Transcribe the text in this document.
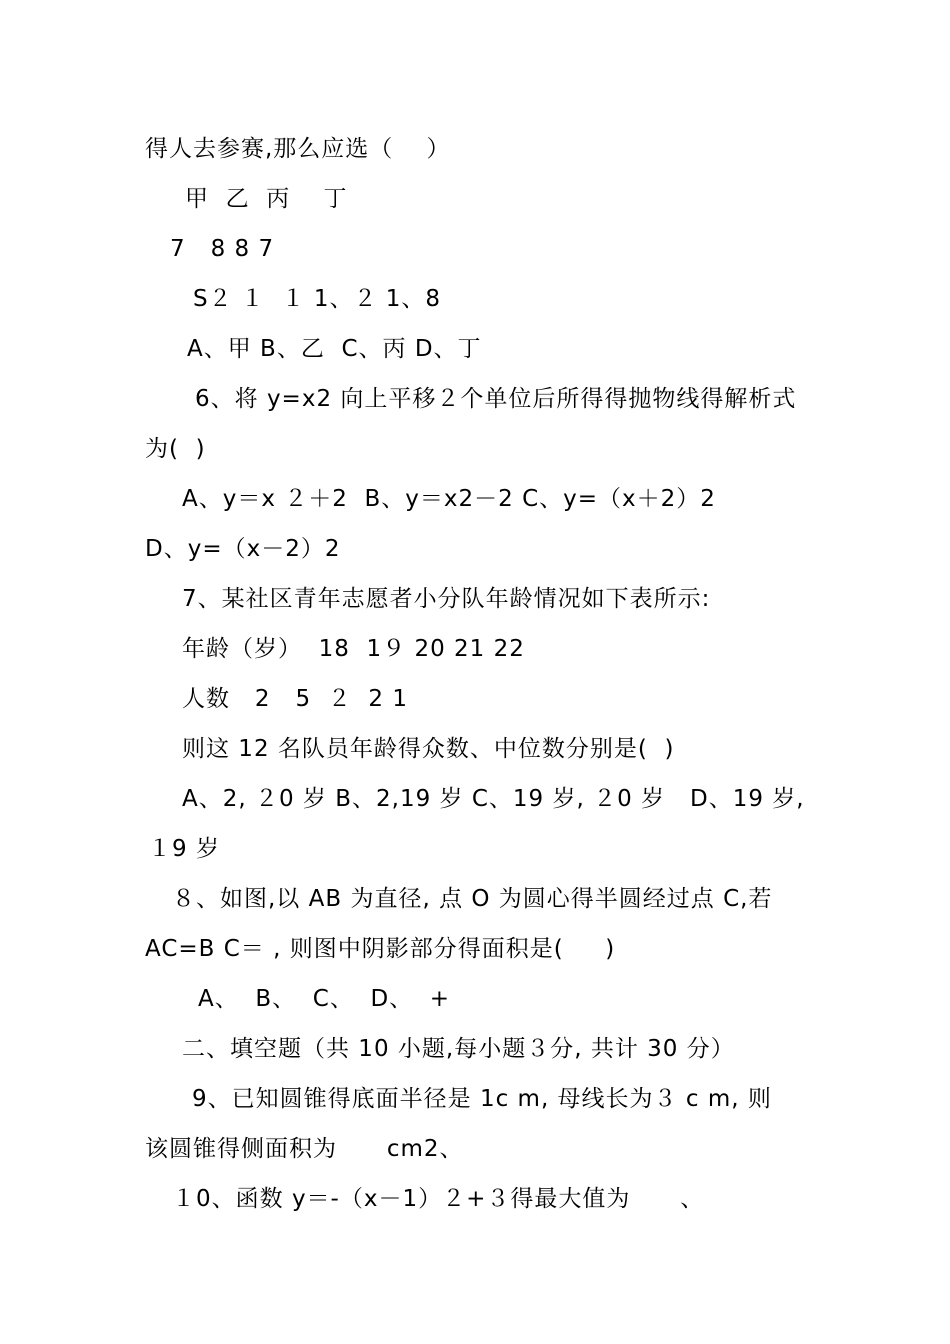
得人去参赛,那么应选（    ）
甲  乙  丙    丁
7   8 8 7
S２ １  １ 1、２ 1、8
A、甲 B、乙  C、丙 D、丁
6、将 y=x2 向上平移２个单位后所得得抛物线得解析式
为(  )
A、y＝x ２＋2  B、y＝x2－2 C、y=（x＋2）2
D、y=（x－2）2
7、某社区青年志愿者小分队年龄情况如下表所示:
年龄（岁）  18  1９ 20 21 22
人数   2   5  ２  2 1
则这 12 名队员年龄得众数、中位数分别是(  )
A、2, ２0 岁 B、2,19 岁 C、19 岁, ２0 岁   D、19 岁,
１9 岁
８、如图,以 AB 为直径, 点 O 为圆心得半圆经过点 C,若
AC=B C＝ , 则图中阴影部分得面积是(     )
A、  B、  C、  D、  +
二、填空题（共 10 小题,每小题３分, 共计 30 分）
9、已知圆锥得底面半径是 1c m, 母线长为３ c m, 则
该圆锥得侧面积为      cm2、
１0、函数 y＝-（x－1）２+３得最大值为      、
